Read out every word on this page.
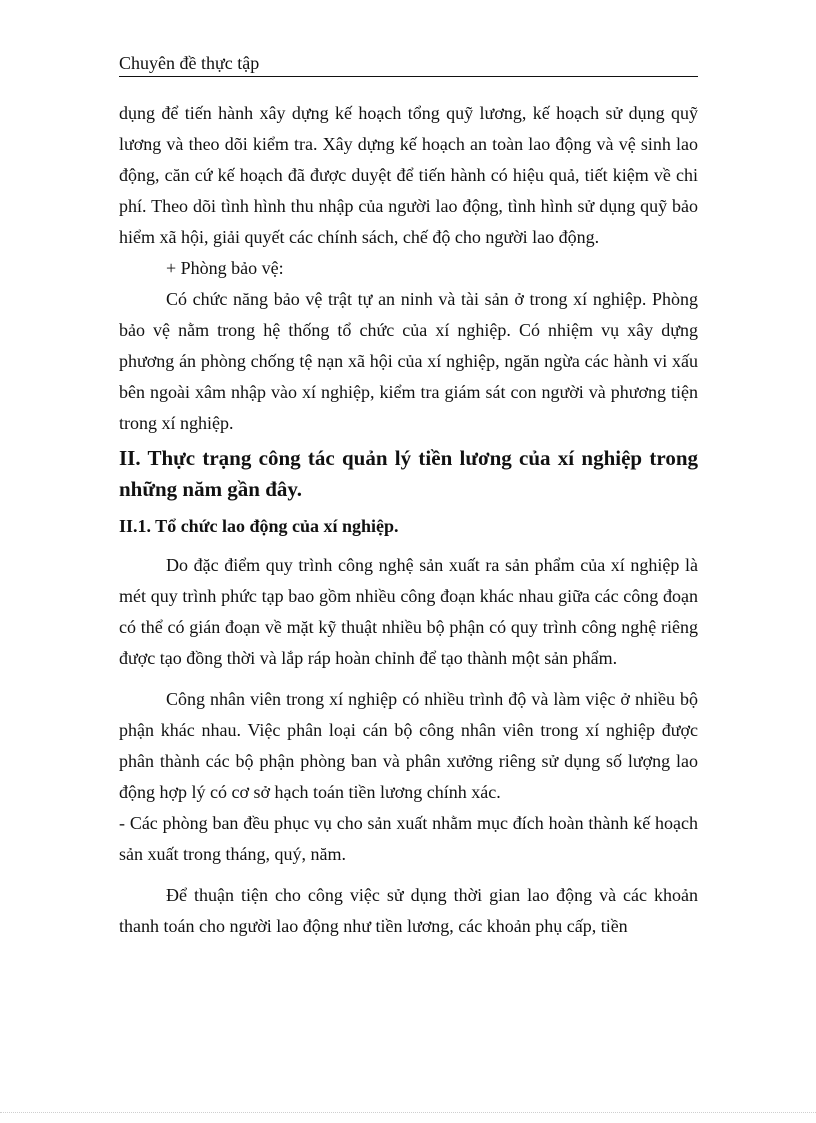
Chuyên đề thực tập

dụng để tiến hành xây dựng kế hoạch tổng quỹ lương, kế hoạch sử dụng quỹ lương và theo dõi kiểm tra. Xây dựng kế hoạch an toàn lao động và vệ sinh lao động, căn cứ kế hoạch đã được duyệt để tiến hành có hiệu quả, tiết kiệm về chi phí. Theo dõi tình hình thu nhập của người lao động, tình hình sử dụng quỹ bảo hiểm xã hội, giải quyết các chính sách, chế độ cho người lao động.

+ Phòng bảo vệ:

Có chức năng bảo vệ trật tự an ninh và tài sản ở trong xí nghiệp. Phòng bảo vệ nằm trong hệ thống tổ chức của xí nghiệp. Có nhiệm vụ xây dựng phương án phòng chống tệ nạn xã hội của xí nghiệp, ngăn ngừa các hành vi xấu bên ngoài xâm nhập vào xí nghiệp, kiểm tra giám sát con người và phương tiện trong xí nghiệp.

II. Thực trạng công tác quản lý tiền lương của xí nghiệp trong những năm gần đây.

II.1. Tổ chức lao động của xí nghiệp.

Do đặc điểm quy trình công nghệ sản xuất ra sản phẩm của xí nghiệp là mét quy trình phức tạp bao gồm nhiều công đoạn khác nhau giữa các công đoạn có thể có gián đoạn về mặt kỹ thuật nhiều bộ phận có quy trình công nghệ riêng được tạo đồng thời và lắp ráp hoàn chỉnh để tạo thành một sản phẩm.

Công nhân viên trong xí nghiệp có nhiều trình độ và làm việc ở nhiều bộ phận khác nhau. Việc phân loại cán bộ công nhân viên trong xí nghiệp được phân thành các bộ phận phòng ban và phân xưởng riêng sử dụng số lượng lao động hợp lý có cơ sở hạch toán tiền lương chính xác.

- Các phòng ban đều phục vụ cho sản xuất nhằm mục đích hoàn thành kế hoạch sản xuất trong tháng, quý, năm.

Để thuận tiện cho công việc sử dụng thời gian lao động và các khoản thanh toán cho người lao động như tiền lương, các khoản phụ cấp, tiền
